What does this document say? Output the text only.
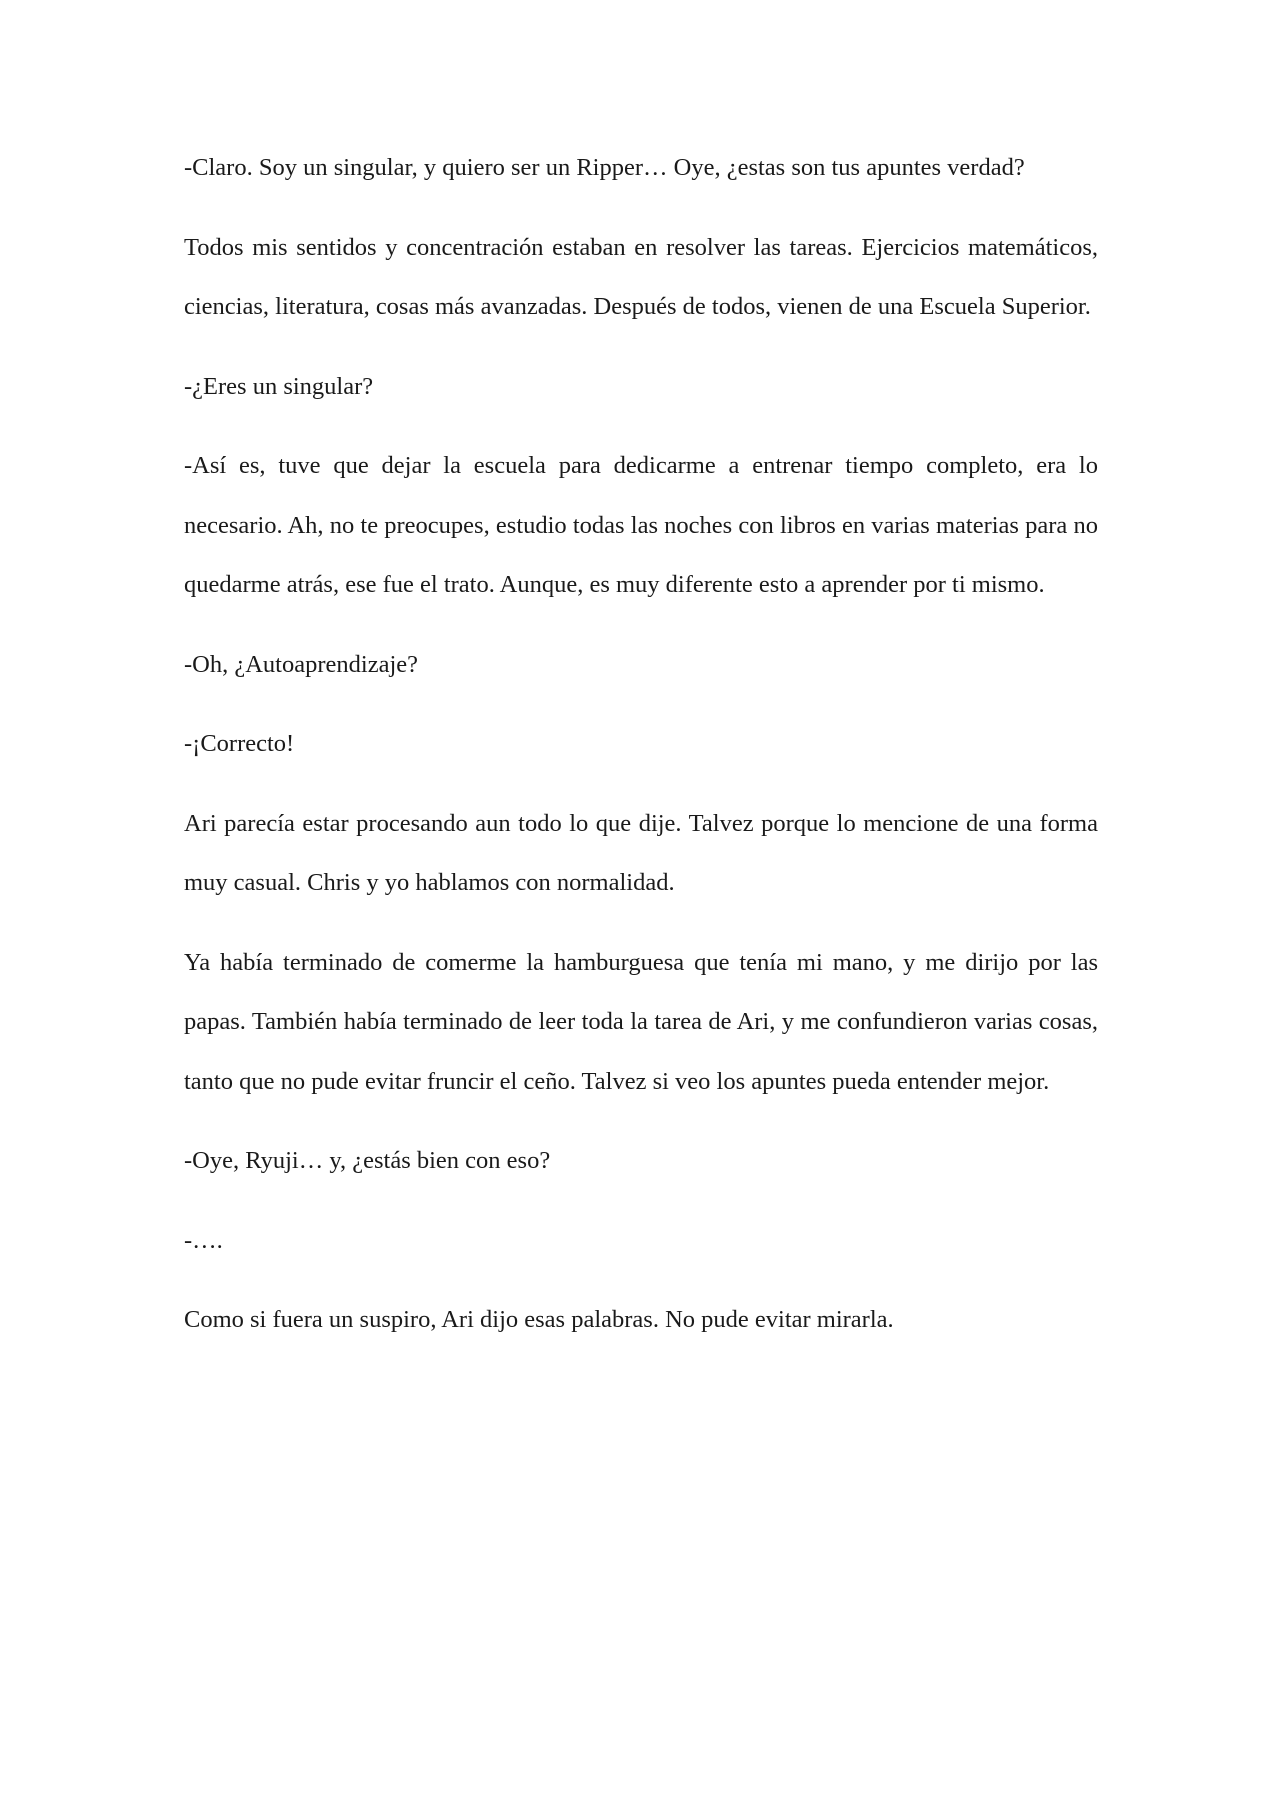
-Claro. Soy un singular, y quiero ser un Ripper… Oye, ¿estas son tus apuntes verdad?

Todos mis sentidos y concentración estaban en resolver las tareas. Ejercicios matemáticos, ciencias, literatura, cosas más avanzadas. Después de todos, vienen de una Escuela Superior.

-¿Eres un singular?

-Así es, tuve que dejar la escuela para dedicarme a entrenar tiempo completo, era lo necesario. Ah, no te preocupes, estudio todas las noches con libros en varias materias para no quedarme atrás, ese fue el trato. Aunque, es muy diferente esto a aprender por ti mismo.

-Oh, ¿Autoaprendizaje?

-¡Correcto!

Ari parecía estar procesando aun todo lo que dije. Talvez porque lo mencione de una forma muy casual. Chris y yo hablamos con normalidad.

Ya había terminado de comerme la hamburguesa que tenía mi mano, y me dirijo por las papas. También había terminado de leer toda la tarea de Ari, y me confundieron varias cosas, tanto que no pude evitar fruncir el ceño. Talvez si veo los apuntes pueda entender mejor.

-Oye, Ryuji… y, ¿estás bien con eso?

-….

Como si fuera un suspiro, Ari dijo esas palabras. No pude evitar mirarla.
